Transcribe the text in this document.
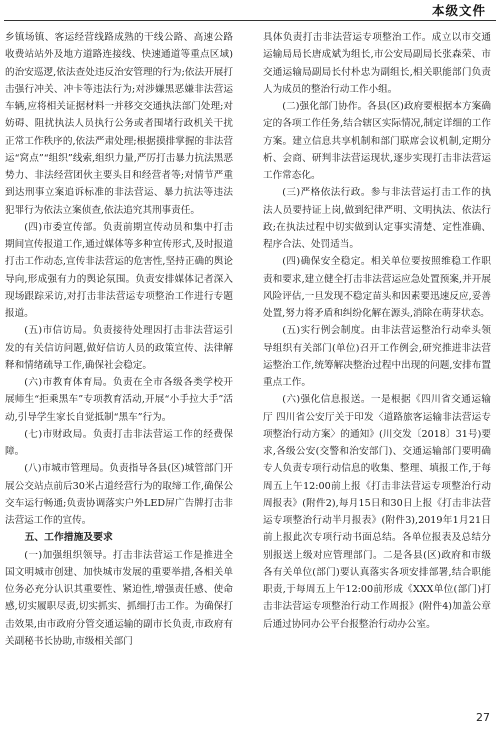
本级文件

乡镇场镇、客运经营线路成熟的干线公路、高速公路收费站站外及地方道路连接线、快速通道等重点区域)的治安巡逻,依法查处违反治安管理的行为;依法开展打击强行冲关、冲卡等违法行为;对涉嫌黑恶嫌非法营运车辆,应将相关证据材料一并移交交通执法部门处理;对妨碍、阻扰执法人员执行公务或者围堵行政机关干扰正常工作秩序的,依法严肃处理;根据摸排掌握的非法营运“窝点”“组织”线索,组织力量,严厉打击暴力抗法黑恶势力、非法经营团伙主要头目和经营者等;对情节严重到达刑事立案追诉标准的非法营运、暴力抗法等违法犯罪行为依法立案侦查,依法追究其刑事责任。

(四)市委宣传部。负责前期宣传动员和集中打击期间宣传报道工作,通过媒体等多种宣传形式,及时报道打击工作动态,宣传非法营运的危害性,坚持正确的舆论导向,形成强有力的舆论氛围。负责安排媒体记者深入现场跟踪采访,对打击非法营运专项整治工作进行专题报道。

(五)市信访局。负责接待处理因打击非法营运引发的有关信访问题,做好信访人员的政策宣传、法律解释和情绪疏导工作,确保社会稳定。

(六)市教育体育局。负责在全市各级各类学校开展师生“拒乘黑车”专项教育活动,开展“小手拉大手”活动,引导学生家长自觉抵制“黑车”行为。

(七)市财政局。负责打击非法营运工作的经费保障。

(八)市城市管理局。负责指导各县(区)城管部门开展公交站点前后30米占道经营行为的取缔工作,确保公交车运行畅通;负责协调落实户外LED屏广告牌打击非法营运工作的宣传。

五、工作措施及要求

(一)加强组织领导。打击非法营运工作是推进全国文明城市创建、加快城市发展的重要举措,各相关单位务必充分认识其重要性、紧迫性,增强责任感、使命感,切实履职尽责,切实抓实、抓细打击工作。为确保打击效果,由市政府分管交通运输的副市长负责,市政府有关副秘书长协助,市级相关部门

具体负责打击非法营运专项整治工作。成立以市交通运输局局长唐成斌为组长,市公安局副局长张森荣、市交通运输局副局长付朴忠为副组长,相关职能部门负责人为成员的整治行动工作小组。

(二)强化部门协作。各县(区)政府要根据本方案确定的各项工作任务,结合辖区实际情况,制定详细的工作方案。建立信息共享机制和部门联席会议机制,定期分析、会商、研判非法营运现状,逐步实现打击非法营运工作常态化。

(三)严格依法行政。参与非法营运打击工作的执法人员要持证上岗,做到纪律严明、文明执法、依法行政;在执法过程中切实做到认定事实清楚、定性准确、程序合法、处罚适当。

(四)确保安全稳定。相关单位要按照维稳工作职责和要求,建立健全打击非法营运应急处置预案,并开展风险评估,一旦发现不稳定苗头和因素要迅速反应,妥善处置,努力将矛盾和纠纷化解在源头,消除在萌芽状态。

(五)实行例会制度。由非法营运整治行动牵头领导组织有关部门(单位)召开工作例会,研究推进非法营运整治工作,统筹解决整治过程中出现的问题,安排布置重点工作。

(六)强化信息报送。一是根据《四川省交通运输厅 四川省公安厅关于印发〈道路旅客运输非法营运专项整治行动方案〉的通知》(川交发〔2018〕31号)要求,各级公安(交警和治安部门)、交通运输部门要明确专人负责专项行动信息的收集、整理、填报工作,于每周五上午12:00前上报《打击非法营运专项整治行动周报表》(附件2),每月15日和30日上报《打击非法营运专项整治行动半月报表》(附件3),2019年1月21日前上报此次专项行动书面总结。各单位报表及总结分别报送上级对应管理部门。二是各县(区)政府和市级各有关单位(部门)要认真落实各项安排部署,结合职能职责,于每周五上午12:00前形成《XXX单位(部门)打击非法营运专项整治行动工作周报》(附件4)加盖公章后通过协同办公平台报整治行动办公室。

27
